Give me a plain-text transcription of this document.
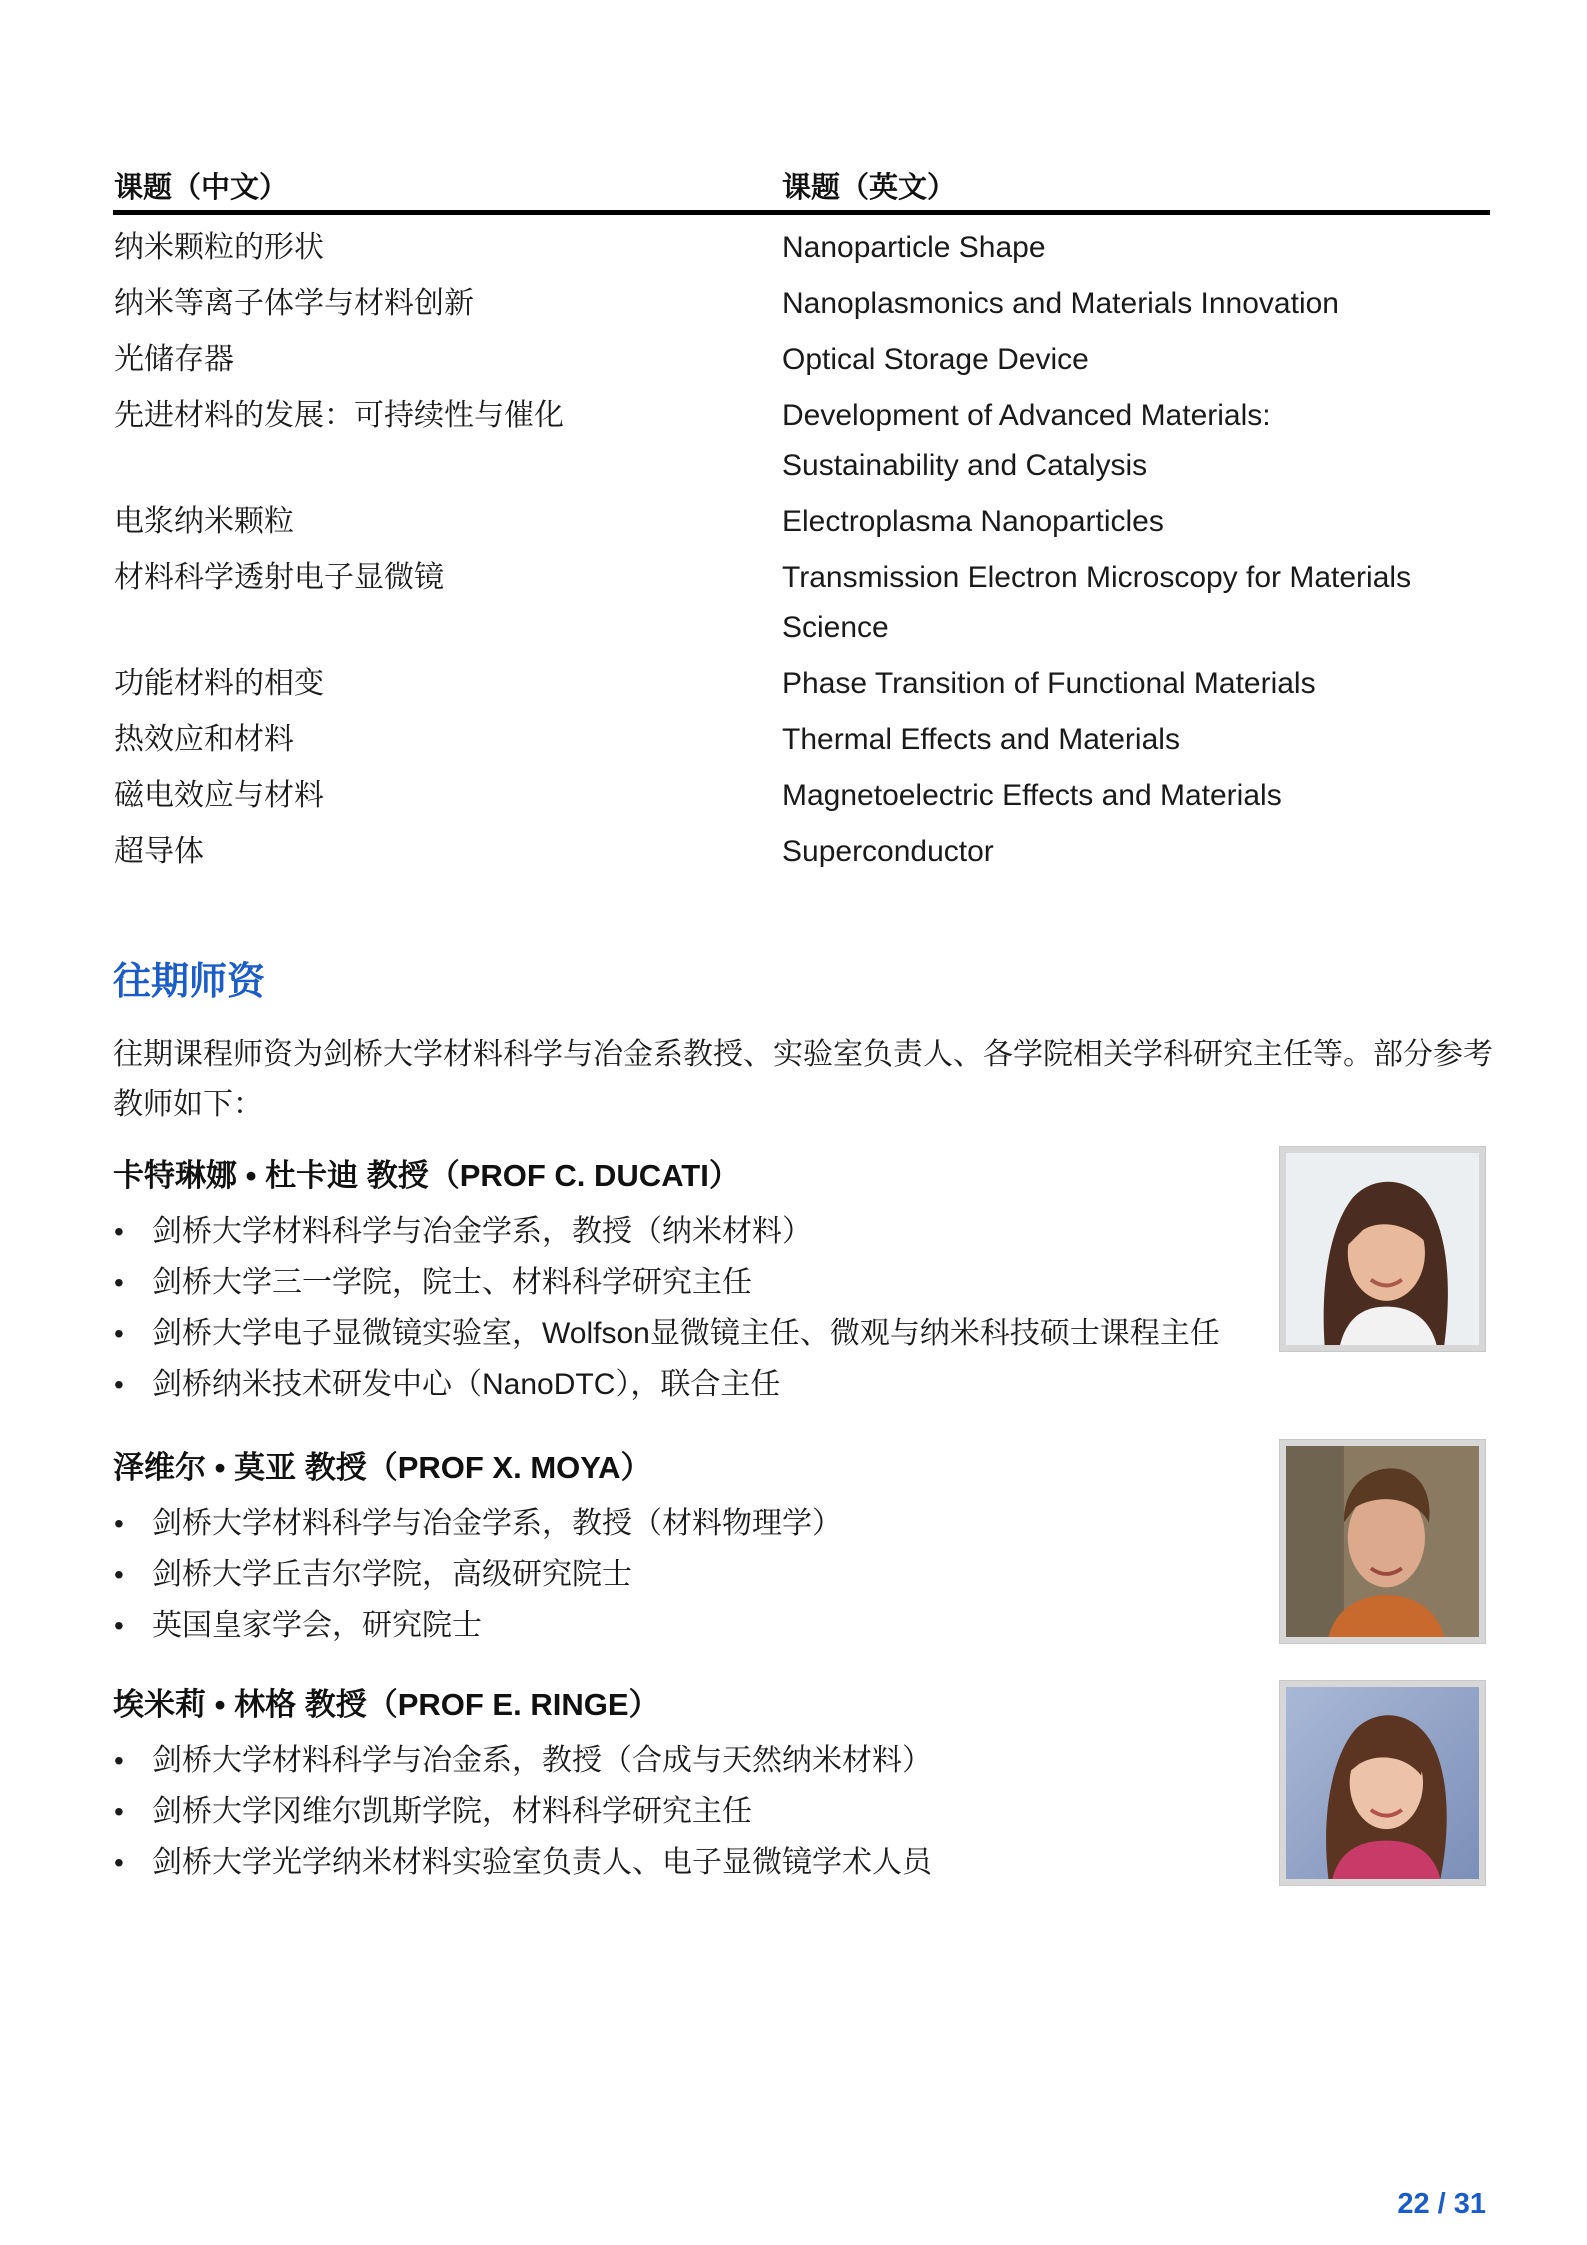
课题（中文）	课题（英文）
纳米颗粒的形状	Nanoparticle Shape
纳米等离子体学与材料创新	Nanoplasmonics and Materials Innovation
光储存器	Optical Storage Device
先进材料的发展：可持续性与催化	Development of Advanced Materials: Sustainability and Catalysis
电浆纳米颗粒	Electroplasma Nanoparticles
材料科学透射电子显微镜	Transmission Electron Microscopy for Materials Science
功能材料的相变	Phase Transition of Functional Materials
热效应和材料	Thermal Effects and Materials
磁电效应与材料	Magnetoelectric Effects and Materials
超导体	Superconductor
往期师资
往期课程师资为剑桥大学材料科学与冶金系教授、实验室负责人、各学院相关学科研究主任等。部分参考教师如下：
卡特琳娜 • 杜卡迪 教授（PROF C. DUCATI）
• 剑桥大学材料科学与冶金学系，教授（纳米材料）
• 剑桥大学三一学院，院士、材料科学研究主任
• 剑桥大学电子显微镜实验室，Wolfson显微镜主任、微观与纳米科技硕士课程主任
• 剑桥纳米技术研发中心（NanoDTC），联合主任
泽维尔 • 莫亚 教授（PROF X. MOYA）
• 剑桥大学材料科学与冶金学系，教授（材料物理学）
• 剑桥大学丘吉尔学院，高级研究院士
• 英国皇家学会，研究院士
埃米莉 • 林格 教授（PROF E. RINGE）
• 剑桥大学材料科学与冶金系，教授（合成与天然纳米材料）
• 剑桥大学冈维尔凯斯学院，材料科学研究主任
• 剑桥大学光学纳米材料实验室负责人、电子显微镜学术人员
22 / 31
